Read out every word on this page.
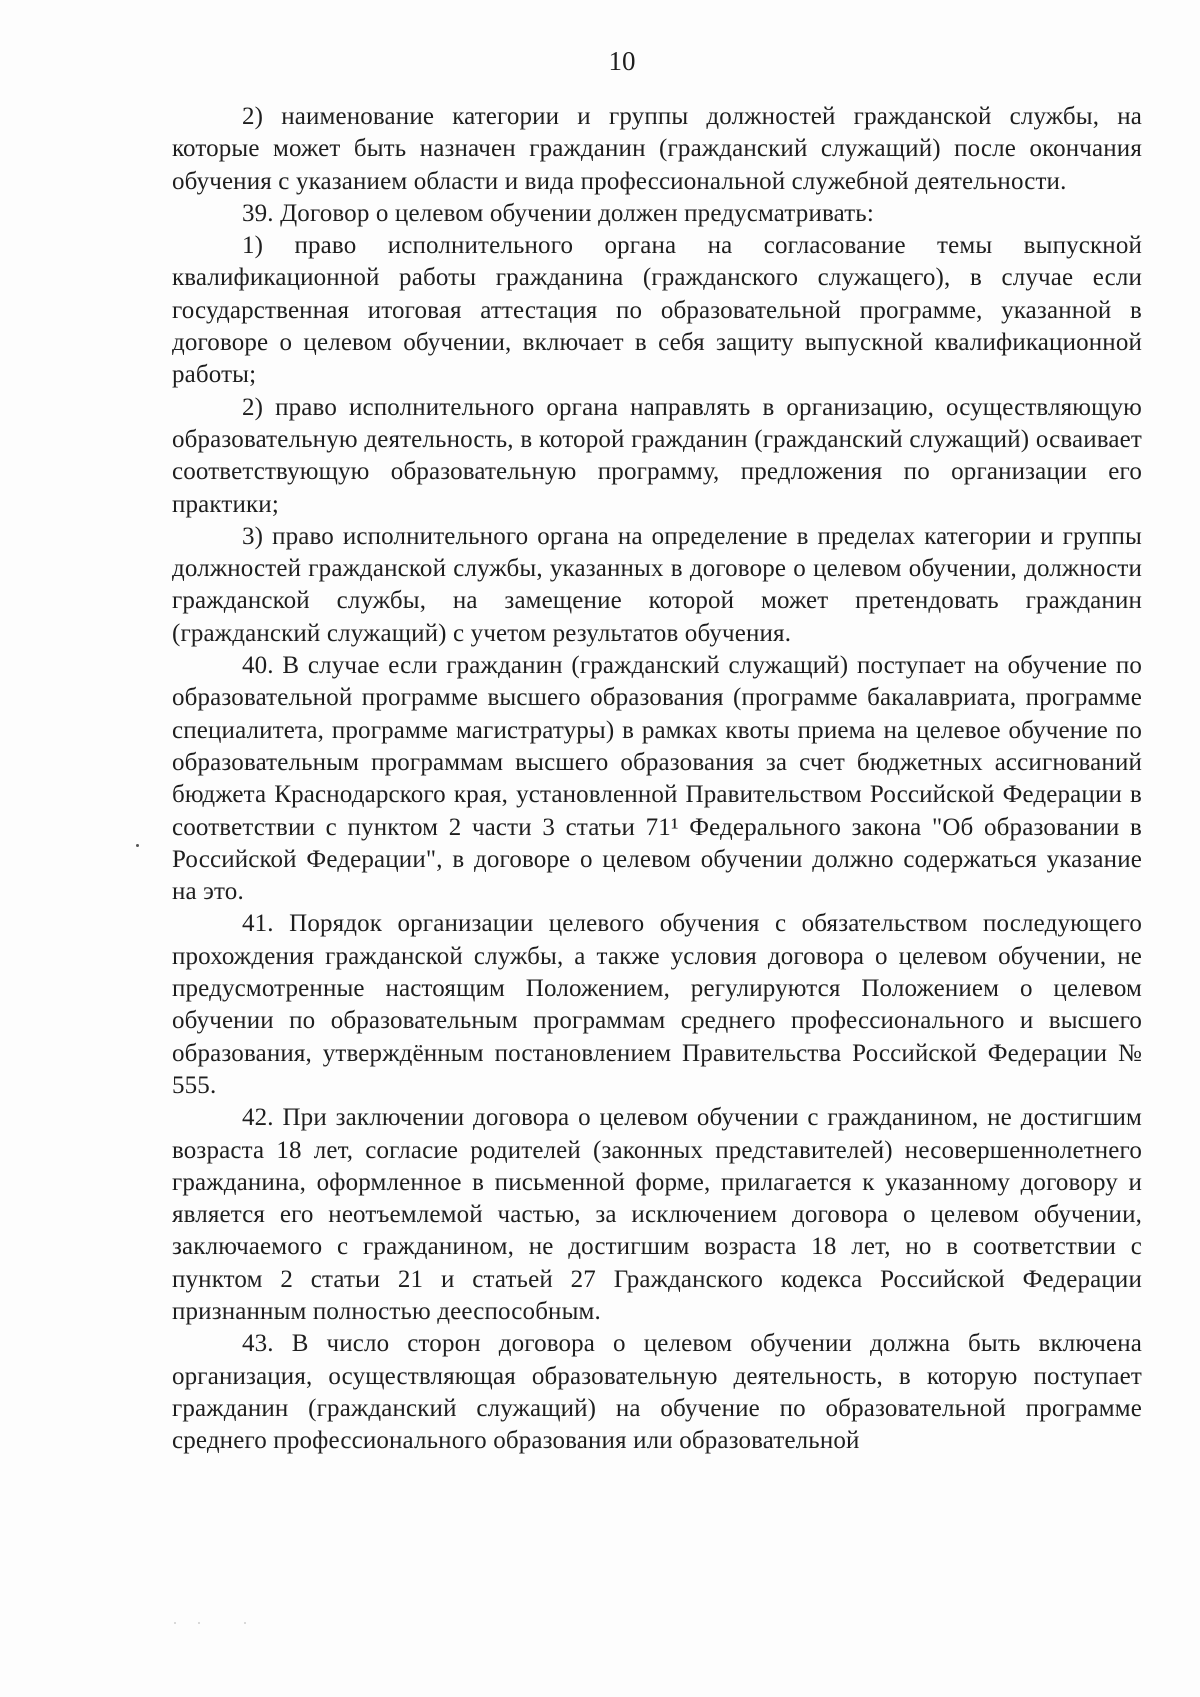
10

2) наименование категории и группы должностей гражданской службы, на которые может быть назначен гражданин (гражданский служащий) после окончания обучения с указанием области и вида профессиональной служебной деятельности.

39. Договор о целевом обучении должен предусматривать:

1) право исполнительного органа на согласование темы выпускной квалификационной работы гражданина (гражданского служащего), в случае если государственная итоговая аттестация по образовательной программе, указанной в договоре о целевом обучении, включает в себя защиту выпускной квалификационной работы;

2) право исполнительного органа направлять в организацию, осуществляющую образовательную деятельность, в которой гражданин (гражданский служащий) осваивает соответствующую образовательную программу, предложения по организации его практики;

3) право исполнительного органа на определение в пределах категории и группы должностей гражданской службы, указанных в договоре о целевом обучении, должности гражданской службы, на замещение которой может претендовать гражданин (гражданский служащий) с учетом результатов обучения.

40. В случае если гражданин (гражданский служащий) поступает на обучение по образовательной программе высшего образования (программе бакалавриата, программе специалитета, программе магистратуры) в рамках квоты приема на целевое обучение по образовательным программам высшего образования за счет бюджетных ассигнований бюджета Краснодарского края, установленной Правительством Российской Федерации в соответствии с пунктом 2 части 3 статьи 71¹ Федерального закона "Об образовании в Российской Федерации", в договоре о целевом обучении должно содержаться указание на это.

41. Порядок организации целевого обучения с обязательством последующего прохождения гражданской службы, а также условия договора о целевом обучении, не предусмотренные настоящим Положением, регулируются Положением о целевом обучении по образовательным программам среднего профессионального и высшего образования, утверждённым постановлением Правительства Российской Федерации № 555.

42. При заключении договора о целевом обучении с гражданином, не достигшим возраста 18 лет, согласие родителей (законных представителей) несовершеннолетнего гражданина, оформленное в письменной форме, прилагается к указанному договору и является его неотъемлемой частью, за исключением договора о целевом обучении, заключаемого с гражданином, не достигшим возраста 18 лет, но в соответствии с пунктом 2 статьи 21 и статьей 27 Гражданского кодекса Российской Федерации признанным полностью дееспособным.

43. В число сторон договора о целевом обучении должна быть включена организация, осуществляющая образовательную деятельность, в которую поступает гражданин (гражданский служащий) на обучение по образовательной программе среднего профессионального образования или образовательной
